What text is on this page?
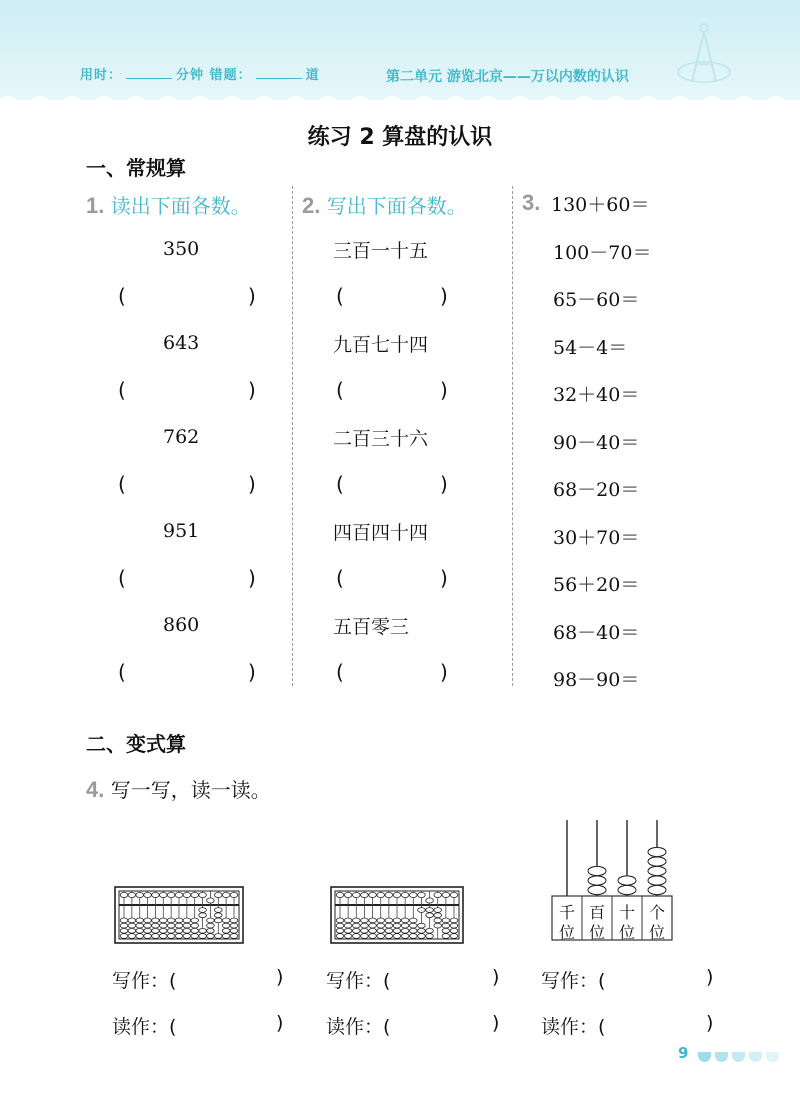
用时：	分钟 错题：	道	第二单元 游览北京——万以内数的认识
练习 2 算盘的认识
一、常规算
1. 读出下面各数。 2. 写出下面各数。	3.
350
(	)
643
(	)
762
(	)
951
(	)
860
(	)
三百一十五
(	)
九百七十四
(	)
二百三十六
(	)
四百四十四
(	)
五百零三
(	)
130＋60＝
100－70＝
65－60＝
54－4＝
32＋40＝
90－40＝
68－20＝
30＋70＝
56＋20＝
68－40＝
98－90＝
二、变式算
4. 写一写，读一读。
千
位
百
位
十
位
个
位
写作：(	)
读作：(	)
写作：(	)
读作：(	)
写作：(	)
读作：(	)
9
